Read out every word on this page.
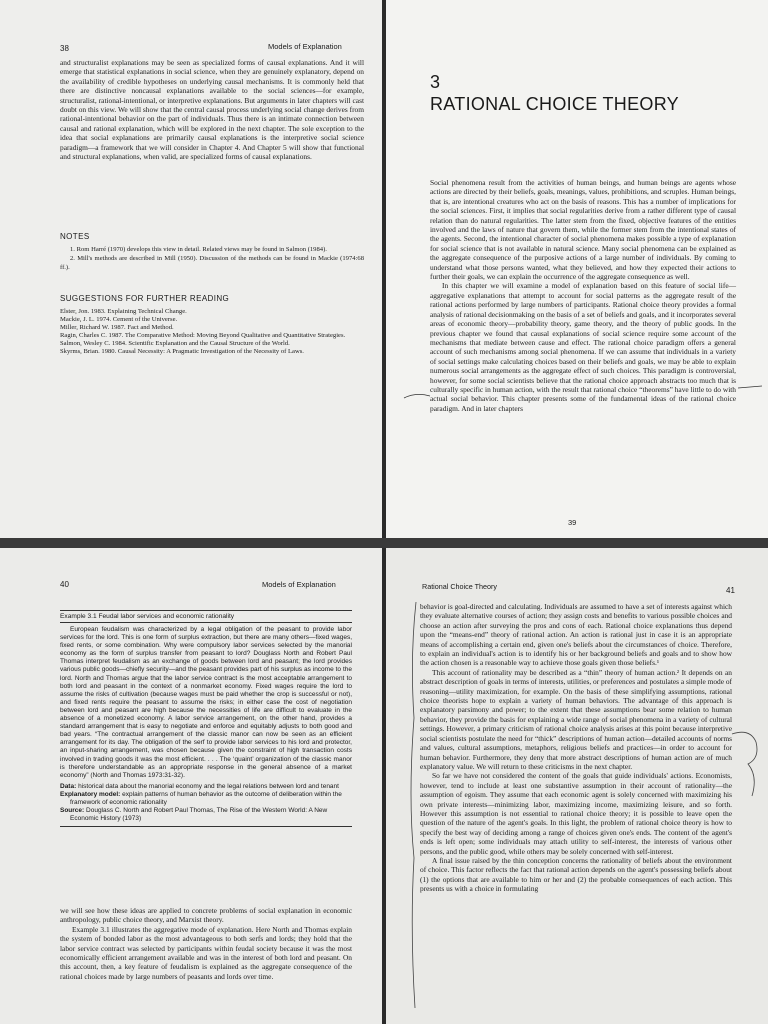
38	Models of Explanation

and structuralist explanations may be seen as specialized forms of causal explanations. And it will emerge that statistical explanations in social science, when they are genuinely explanatory, depend on the availability of credible hypotheses on underlying causal mechanisms. It is commonly held that there are distinctive noncausal explanations available to the social sciences—for example, structuralist, rational-intentional, or interpretive explanations. But arguments in later chapters will cast doubt on this view. We will show that the central causal process underlying social change derives from rational-intentional behavior on the part of individuals. Thus there is an intimate connection between causal and rational explanation, which will be explored in the next chapter. The sole exception to the idea that social explanations are primarily causal explanations is the interpretive social science paradigm—a framework that we will consider in Chapter 4. And Chapter 5 will show that functional and structural explanations, when valid, are specialized forms of causal explanations.

NOTES

1. Rom Harré (1970) develops this view in detail. Related views may be found in Salmon (1984).

2. Mill's methods are described in Mill (1950). Discussion of the methods can be found in Mackie (1974:68 ff.).

SUGGESTIONS FOR FURTHER READING
Elster, Jon. 1983. Explaining Technical Change.
Mackie, J. L. 1974. Cement of the Universe.
Miller, Richard W. 1987. Fact and Method.
Ragin, Charles C. 1987. The Comparative Method: Moving Beyond Qualitative and Quantitative Strategies.
Salmon, Wesley C. 1984. Scientific Explanation and the Causal Structure of the World.
Skyrms, Brian. 1980. Causal Necessity: A Pragmatic Investigation of the Necessity of Laws.
3
RATIONAL CHOICE THEORY

Social phenomena result from the activities of human beings, and human beings are agents whose actions are directed by their beliefs, goals, meanings, values, prohibitions, and scruples. Human beings, that is, are intentional creatures who act on the basis of reasons. This has a number of implications for the social sciences. First, it implies that social regularities derive from a rather different type of causal relation than do natural regularities. The latter stem from the fixed, objective features of the entities involved and the laws of nature that govern them, while the former stem from the intentional states of the agents. Second, the intentional character of social phenomena makes possible a type of explanation for social science that is not available in natural science. Many social phenomena can be explained as the aggregate consequence of the purposive actions of a large number of individuals. By coming to understand what those persons wanted, what they believed, and how they expected their actions to further their goals, we can explain the occurrence of the aggregate consequence as well.

In this chapter we will examine a model of explanation based on this feature of social life—aggregative explanations that attempt to account for social patterns as the aggregate result of the rational actions performed by large numbers of participants. Rational choice theory provides a formal analysis of rational decisionmaking on the basis of a set of beliefs and goals, and it incorporates several areas of economic theory—probability theory, game theory, and the theory of public goods. In the previous chapter we found that causal explanations of social science require some account of the mechanisms that mediate between cause and effect. The rational choice paradigm offers a general account of such mechanisms among social phenomena. If we can assume that individuals in a variety of social settings make calculating choices based on their beliefs and goals, we may be able to explain numerous social arrangements as the aggregate effect of such choices. This paradigm is controversial, however, for some social scientists believe that the rational choice approach abstracts too much that is culturally specific in human action, with the result that rational choice “theorems” have little to do with actual social behavior. This chapter presents some of the fundamental ideas of the rational choice paradigm. And in later chapters

39
40	Models of Explanation
Example 3.1 Feudal labor services and economic rationality

European feudalism was characterized by a legal obligation of the peasant to provide labor services for the lord. This is one form of surplus extraction, but there are many others—fixed wages, fixed rents, or some combination. Why were compulsory labor services selected by the manorial economy as the form of surplus transfer from peasant to lord? Douglass North and Robert Paul Thomas interpret feudalism as an exchange of goods between lord and peasant; the lord provides various public goods—chiefly security—and the peasant provides part of his surplus as income to the lord. North and Thomas argue that the labor service contract is the most acceptable arrangement to both lord and peasant in the context of a nonmarket economy. Fixed wages require the lord to assume the risks of cultivation (because wages must be paid whether the crop is successful or not), and fixed rents require the peasant to assume the risks; in either case the cost of negotiation between lord and peasant are high because the necessities of life are difficult to evaluate in the absence of a monetized economy. A labor service arrangement, on the other hand, provides a standard arrangement that is easy to negotiate and enforce and equitably adjusts to both good and bad years. “The contractual arrangement of the classic manor can now be seen as an efficient arrangement for its day. The obligation of the serf to provide labor services to his lord and protector, an input-sharing arrangement, was chosen because given the constraint of high transaction costs involved in trading goods it was the most efficient. . . . The ‘quaint’ organization of the classic manor is therefore understandable as an appropriate response in the general absence of a market economy” (North and Thomas 1973:31-32).

Data: historical data about the manorial economy and the legal relations between lord and tenant
Explanatory model: explain patterns of human behavior as the outcome of deliberation within the framework of economic rationality
Source: Douglass C. North and Robert Paul Thomas, The Rise of the Western World: A New Economic History (1973)

we will see how these ideas are applied to concrete problems of social explanation in economic anthropology, public choice theory, and Marxist theory.

Example 3.1 illustrates the aggregative mode of explanation. Here North and Thomas explain the system of bonded labor as the most advantageous to both serfs and lords; they hold that the labor service contract was selected by participants within feudal society because it was the most economically efficient arrangement available and was in the interest of both lord and peasant. On this account, then, a key feature of feudalism is explained as the aggregate consequence of the rational choices made by large numbers of peasants and lords over time.

Rational Choice Theory	41

behavior is goal-directed and calculating. Individuals are assumed to have a set of interests against which they evaluate alternative courses of action; they assign costs and benefits to various possible choices and choose an action after surveying the pros and cons of each. Rational choice explanations thus depend upon the “means-end” theory of rational action. An action is rational just in case it is an appropriate means of accomplishing a certain end, given one's beliefs about the circumstances of choice. Therefore, to explain an individual's action is to identify his or her background beliefs and goals and to show how the action chosen is a reasonable way to achieve those goals given those beliefs.¹

This account of rationality may be described as a “thin” theory of human action.² It depends on an abstract description of goals in terms of interests, utilities, or preferences and postulates a simple mode of reasoning—utility maximization, for example. On the basis of these simplifying assumptions, rational choice theorists hope to explain a variety of human behaviors. The advantage of this approach is explanatory parsimony and power; to the extent that these assumptions bear some relation to human behavior, they provide the basis for explaining a wide range of social phenomena in a variety of cultural settings. However, a primary criticism of rational choice analysis arises at this point because interpretive social scientists postulate the need for “thick” descriptions of human action—detailed accounts of norms and values, cultural assumptions, metaphors, religious beliefs and practices—in order to account for human behavior. Furthermore, they deny that more abstract descriptions of human action are of much explanatory value. We will return to these criticisms in the next chapter.

So far we have not considered the content of the goals that guide individuals' actions. Economists, however, tend to include at least one substantive assumption in their account of rationality—the assumption of egoism. They assume that each economic agent is solely concerned with maximizing his own private interests—minimizing labor, maximizing income, maximizing leisure, and so forth. However this assumption is not essential to rational choice theory; it is possible to leave open the question of the nature of the agent's goals. In this light, the problem of rational choice theory is how to specify the best way of deciding among a range of choices given one's ends. The content of the agent's ends is left open; some individuals may attach utility to self-interest, the interests of various other persons, and the public good, while others may be solely concerned with self-interest.

A final issue raised by the thin conception concerns the rationality of beliefs about the environment of choice. This factor reflects the fact that rational action depends on the agent's possessing beliefs about (1) the options that are available to him or her and (2) the probable consequences of each action. This presents us with a choice in formulating
